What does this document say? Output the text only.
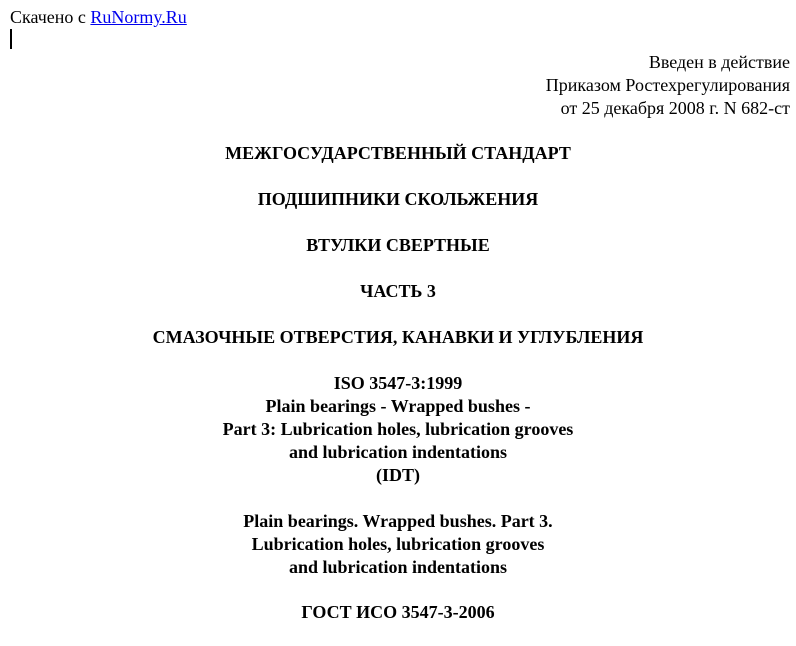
Скачено с RuNormy.Ru
Введен в действие
Приказом Ростехрегулирования
от 25 декабря 2008 г. N 682-ст
МЕЖГОСУДАРСТВЕННЫЙ СТАНДАРТ
ПОДШИПНИКИ СКОЛЬЖЕНИЯ
ВТУЛКИ СВЕРТНЫЕ
ЧАСТЬ 3
СМАЗОЧНЫЕ ОТВЕРСТИЯ, КАНАВКИ И УГЛУБЛЕНИЯ
ISO 3547-3:1999
Plain bearings - Wrapped bushes -
Part 3: Lubrication holes, lubrication grooves
and lubrication indentations
(IDT)
Plain bearings. Wrapped bushes. Part 3.
Lubrication holes, lubrication grooves
and lubrication indentations
ГОСТ ИСО 3547-3-2006
